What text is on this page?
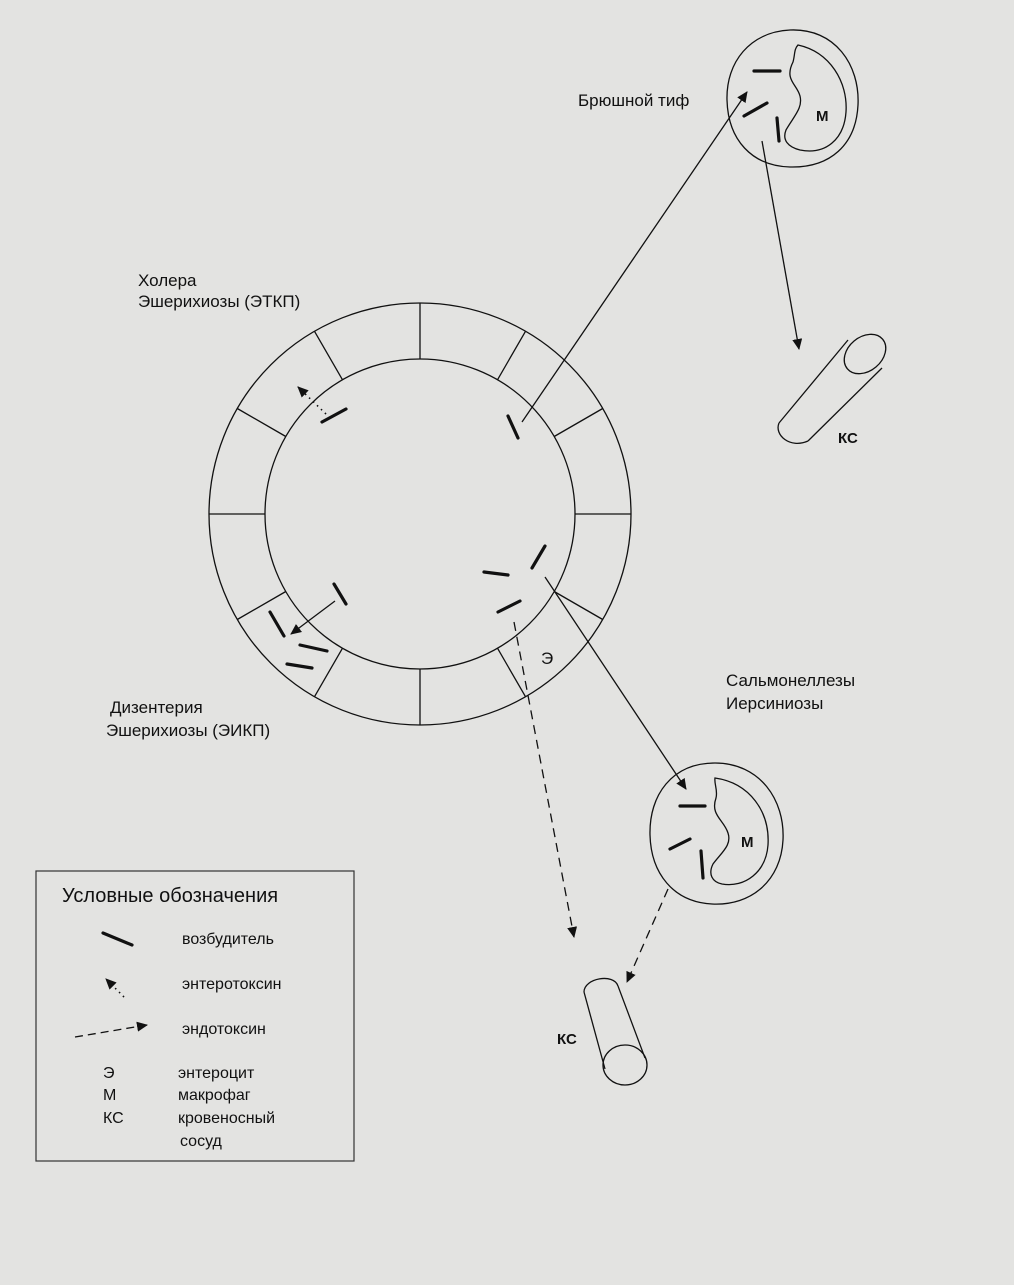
Э
М
М
КС
КС
Брюшной тиф
Холера
Эшерихиозы (ЭТКП)
Дизентерия
Эшерихиозы (ЭИКП)
Сальмонеллезы
Иерсиниозы
Условные обозначения
возбудитель
энтеротоксин
эндотоксин
Э	энтероцит
М	макрофаг
КС	кровеносный
сосуд
